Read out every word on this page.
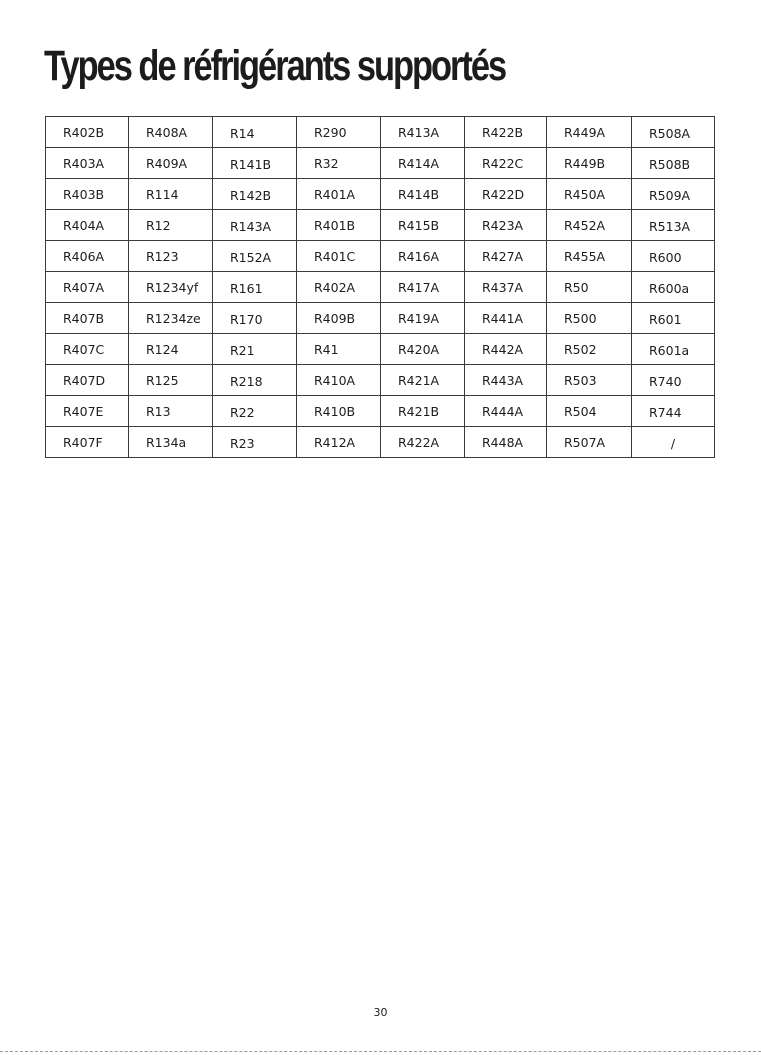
Types de réfrigérants supportés
R402B	R408A	R14	R290	R413A	R422B	R449A	R508A
R403A	R409A	R141B	R32	R414A	R422C	R449B	R508B
R403B	R114	R142B	R401A	R414B	R422D	R450A	R509A
R404A	R12	R143A	R401B	R415B	R423A	R452A	R513A
R406A	R123	R152A	R401C	R416A	R427A	R455A	R600
R407A	R1234yf	R161	R402A	R417A	R437A	R50	R600a
R407B	R1234ze	R170	R409B	R419A	R441A	R500	R601
R407C	R124	R21	R41	R420A	R442A	R502	R601a
R407D	R125	R218	R410A	R421A	R443A	R503	R740
R407E	R13	R22	R410B	R421B	R444A	R504	R744
R407F	R134a	R23	R412A	R422A	R448A	R507A	/
30
